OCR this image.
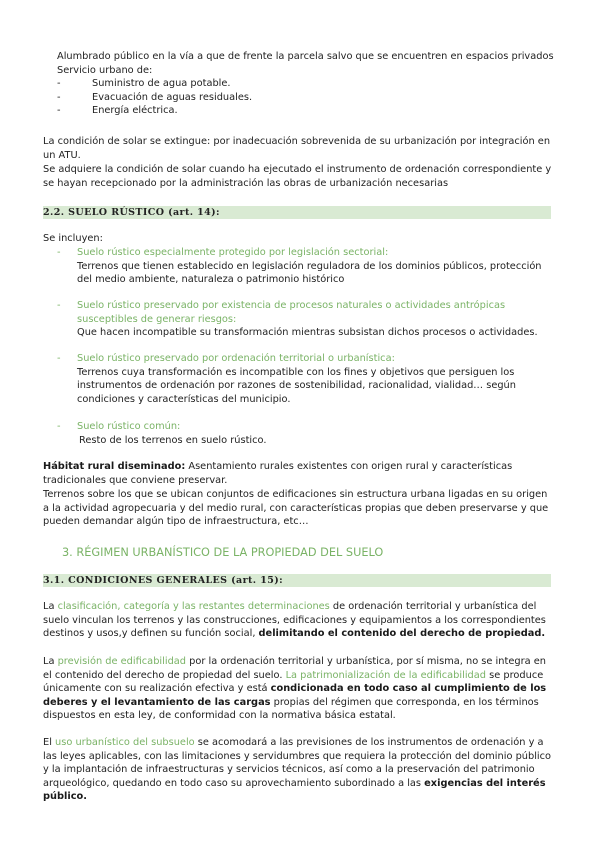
Alumbrado público en la vía a que de frente la parcela salvo que se encuentren en espacios privados Servicio urbano de:

-	Suministro de agua potable.
-	Evacuación de aguas residuales.
-	Energía eléctrica.

La condición de solar se extingue: por inadecuación sobrevenida de su urbanización por integración en un ATU.

Se adquiere la condición de solar cuando ha ejecutado el instrumento de ordenación correspondiente y se hayan recepcionado por la administración las obras de urbanización necesarias

2.2. SUELO RÚSTICO (art. 14):

Se incluyen:

-	Suelo rústico especialmente protegido por legislación sectorial:

Terrenos que tienen establecido en legislación reguladora de los dominios públicos, protección del medio ambiente, naturaleza o patrimonio histórico

-	Suelo rústico preservado por existencia de procesos naturales o actividades antrópicas susceptibles de generar riesgos:

Que hacen incompatible su transformación mientras subsistan dichos procesos o actividades.

-	Suelo rústico preservado por ordenación territorial o urbanística:

Terrenos cuya transformación es incompatible con los fines y objetivos que persiguen los instrumentos de ordenación por razones de sostenibilidad, racionalidad, vialidad… según condiciones y características del municipio.

-	Suelo rústico común:

Resto de los terrenos en suelo rústico.

Hábitat rural diseminado: Asentamiento rurales existentes con origen rural y características tradicionales que conviene preservar.

Terrenos sobre los que se ubican conjuntos de edificaciones sin estructura urbana ligadas en su origen a la actividad agropecuaria y del medio rural, con características propias que deben preservarse y que pueden demandar algún tipo de infraestructura, etc…

3. RÉGIMEN URBANÍSTICO DE LA PROPIEDAD DEL SUELO

3.1. CONDICIONES GENERALES (art. 15):

La clasificación, categoría y las restantes determinaciones de ordenación territorial y urbanística del suelo vinculan los terrenos y las construcciones, edificaciones y equipamientos a los correspondientes destinos y usos,y definen su función social, delimitando el contenido del derecho de propiedad.

La previsión de edificabilidad por la ordenación territorial y urbanística, por sí misma, no se integra en el contenido del derecho de propiedad del suelo. La patrimonialización de la edificabilidad se produce únicamente con su realización efectiva y está condicionada en todo caso al cumplimiento de los deberes y el levantamiento de las cargas propias del régimen que corresponda, en los términos dispuestos en esta ley, de conformidad con la normativa básica estatal.

El uso urbanístico del subsuelo se acomodará a las previsiones de los instrumentos de ordenación y a las leyes aplicables, con las limitaciones y servidumbres que requiera la protección del dominio público y la implantación de infraestructuras y servicios técnicos, así como a la preservación del patrimonio arqueológico, quedando en todo caso su aprovechamiento subordinado a las exigencias del interés público.
